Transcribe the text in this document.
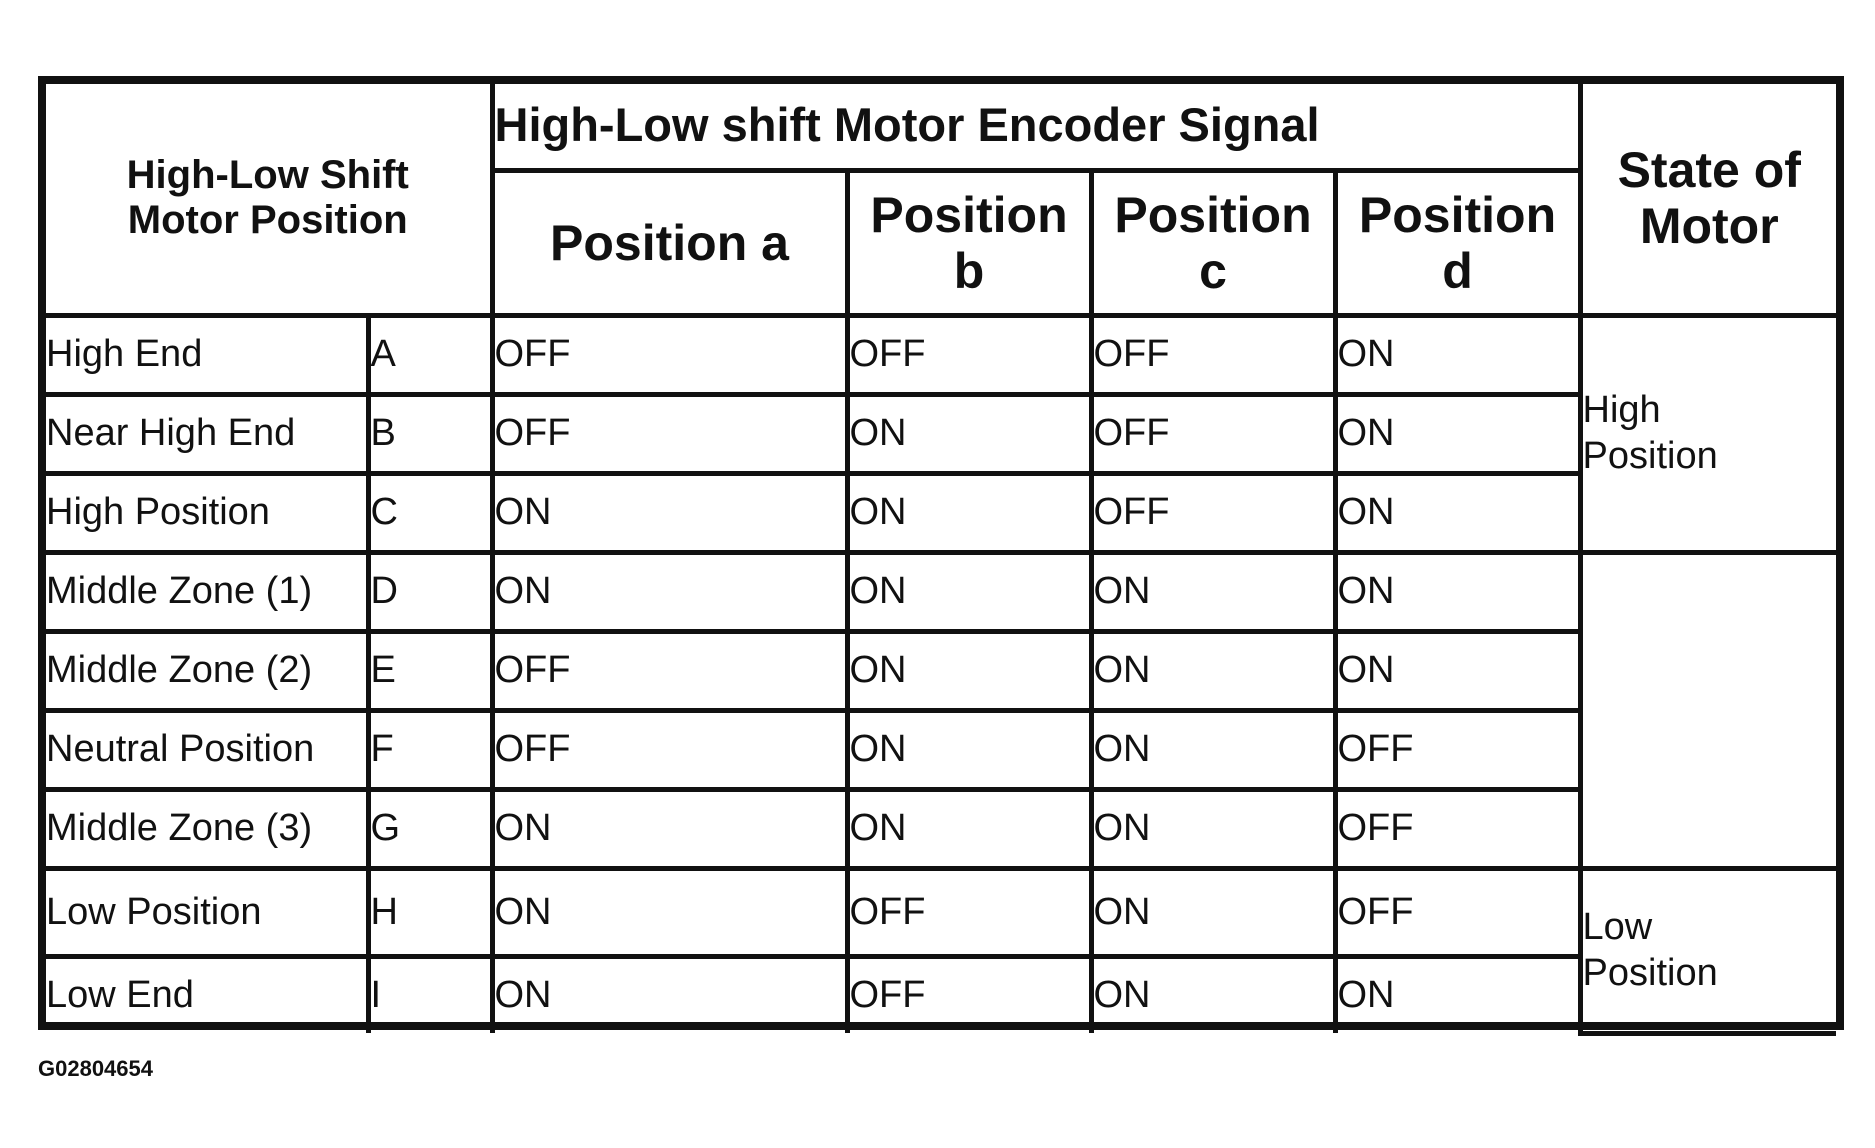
High-Low Shift
Motor Position		High-Low shift Motor Encoder Signal				State of
Motor

		Position a	Position
b	Position
c	Position
d	

High End	A	OFF	OFF	OFF	ON	High
Position

Near High End	B	OFF	ON	OFF	ON	
High Position	C	ON	ON	OFF	ON	
Middle Zone (1)	D	ON	ON	ON	ON	
Middle Zone (2)	E	OFF	ON	ON	ON	
Neutral Position	F	OFF	ON	ON	OFF	
Middle Zone (3)	G	ON	ON	ON	OFF	
Low Position	H	ON	OFF	ON	OFF	Low
Position

Low End	I	ON	OFF	ON	ON	
G02804654
